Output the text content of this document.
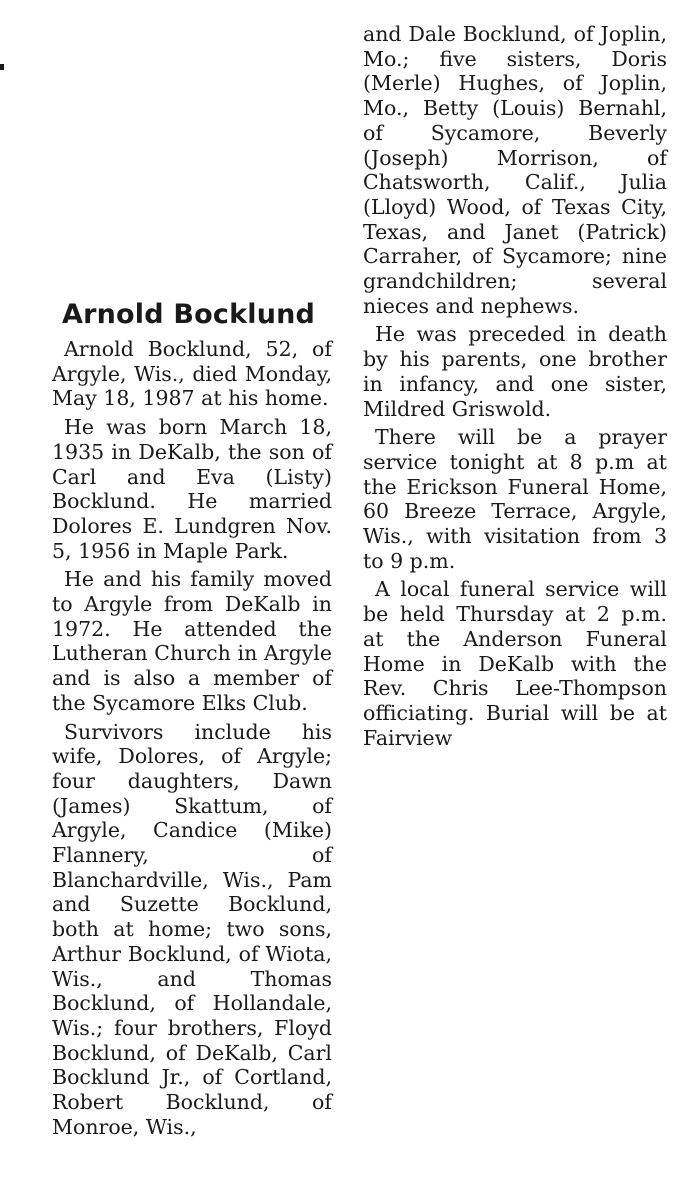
Arnold Bocklund

Arnold Bocklund, 52, of Argyle, Wis., died Monday, May 18, 1987 at his home.

He was born March 18, 1935 in DeKalb, the son of Carl and Eva (Listy) Bocklund. He married Dolores E. Lundgren Nov. 5, 1956 in Maple Park.

He and his family moved to Argyle from DeKalb in 1972. He attended the Lutheran Church in Argyle and is also a member of the Sycamore Elks Club.

Survivors include his wife, Dolores, of Argyle; four daughters, Dawn (James) Skattum, of Argyle, Candice (Mike) Flannery, of Blanchardville, Wis., Pam and Suzette Bocklund, both at home; two sons, Arthur Bocklund, of Wiota, Wis., and Thomas Bocklund, of Hollandale, Wis.; four brothers, Floyd Bocklund, of DeKalb, Carl Bocklund Jr., of Cortland, Robert Bocklund, of Monroe, Wis.,

and Dale Bocklund, of Joplin, Mo.; five sisters, Doris (Merle) Hughes, of Joplin, Mo., Betty (Louis) Bernahl, of Sycamore, Beverly (Joseph) Morrison, of Chatsworth, Calif., Julia (Lloyd) Wood, of Texas City, Texas, and Janet (Patrick) Carraher, of Sycamore; nine grandchildren; several nieces and nephews.

He was preceded in death by his parents, one brother in infancy, and one sister, Mildred Griswold.

There will be a prayer service tonight at 8 p.m at the Erickson Funeral Home, 60 Breeze Terrace, Argyle, Wis., with visitation from 3 to 9 p.m.

A local funeral service will be held Thursday at 2 p.m. at the Anderson Funeral Home in DeKalb with the Rev. Chris Lee-Thompson officiating. Burial will be at Fairview
